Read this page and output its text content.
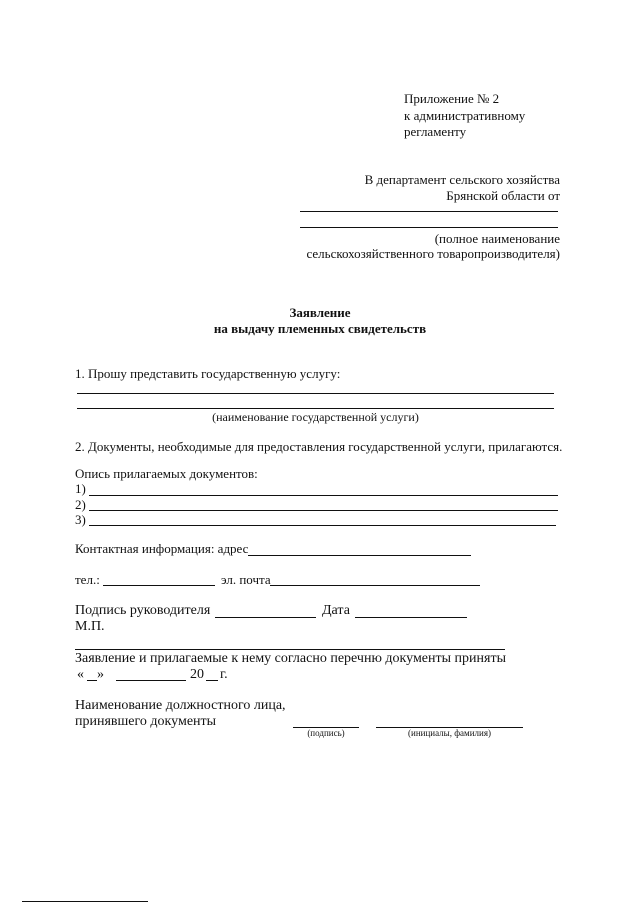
Приложение № 2
к административному
регламенту
В департамент сельского хозяйства
Брянской области от
(полное наименование
сельскохозяйственного товаропроизводителя)
Заявление
на выдачу племенных свидетельств
1. Прошу представить государственную услугу:
(наименование государственной услуги)
2. Документы, необходимые для предоставления государственной услуги, прилагаются.
Опись прилагаемых документов:
1)
2)
3)
Контактная информация: адрес
тел.:	эл. почта
Подпись руководителя	Дата
М.П.
Заявление и прилагаемые к нему согласно перечню документы приняты
« »	20 г.
Наименование должностного лица,
принявшего документы
(подпись)	(инициалы, фамилия)
